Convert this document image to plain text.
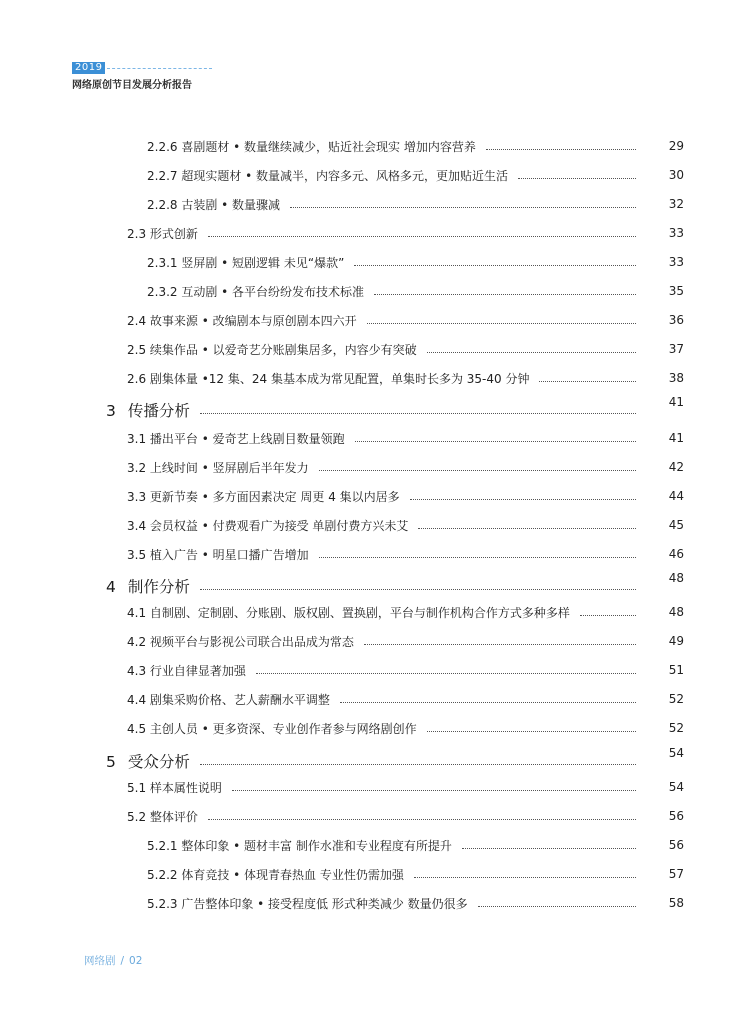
2019
网络原创节目发展分析报告
2.2.6 喜剧题材 • 数量继续减少，贴近社会现实 增加内容营养	29
2.2.7 超现实题材 • 数量减半，内容多元、风格多元，更加贴近生活	30
2.2.8 古装剧 • 数量骤减	32
2.3 形式创新	33
2.3.1 竖屏剧 • 短剧逻辑 未见“爆款”	33
2.3.2 互动剧 • 各平台纷纷发布技术标准	35
2.4 故事来源 • 改编剧本与原创剧本四六开	36
2.5 续集作品 • 以爱奇艺分账剧集居多，内容少有突破	37
2.6 剧集体量 •12 集、24 集基本成为常见配置，单集时长多为 35-40 分钟	38
3 传播分析	41
3.1 播出平台 • 爱奇艺上线剧目数量领跑	41
3.2 上线时间 • 竖屏剧后半年发力	42
3.3 更新节奏 • 多方面因素决定 周更 4 集以内居多	44
3.4 会员权益 • 付费观看广为接受 单剧付费方兴未艾	45
3.5 植入广告 • 明星口播广告增加	46
4 制作分析	48
4.1 自制剧、定制剧、分账剧、版权剧、置换剧，平台与制作机构合作方式多种多样	48
4.2 视频平台与影视公司联合出品成为常态	49
4.3 行业自律显著加强	51
4.4 剧集采购价格、艺人薪酬水平调整	52
4.5 主创人员 • 更多资深、专业创作者参与网络剧创作	52
5 受众分析	54
5.1 样本属性说明	54
5.2 整体评价	56
5.2.1 整体印象 • 题材丰富 制作水准和专业程度有所提升	56
5.2.2 体育竞技 • 体现青春热血 专业性仍需加强	57
5.2.3 广告整体印象 • 接受程度低 形式种类减少 数量仍很多	58
网络剧 / 02
